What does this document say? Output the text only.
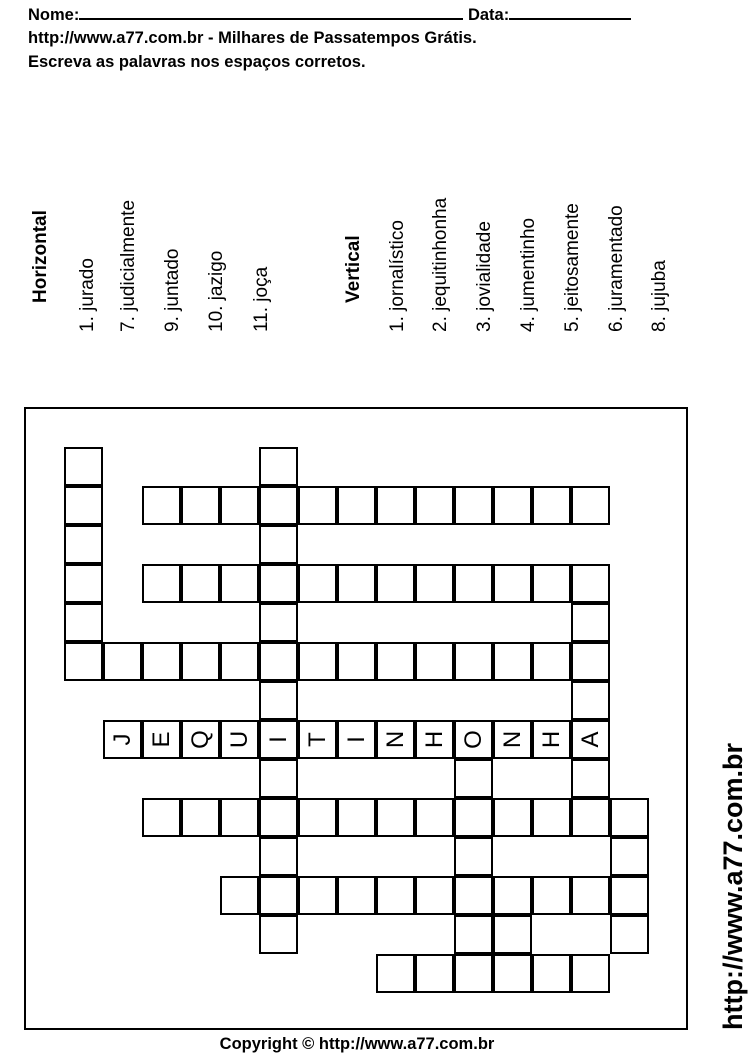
Nome:	Data:
http://www.a77.com.br - Milhares de Passatempos Grátis.
Escreva as palavras nos espaços corretos.
Horizontal 1. jurado 7. judicialmente 9. juntado 10. jazigo 11. joça	Vertical 1. jornalístico 2. jequitinhonha 3. jovialidade 4. jumentinho 5. jeitosamente 6. juramentado 8. jujuba
J E Q U I T I N H O N H A
http://www.a77.com.br
Copyright © http://www.a77.com.br
